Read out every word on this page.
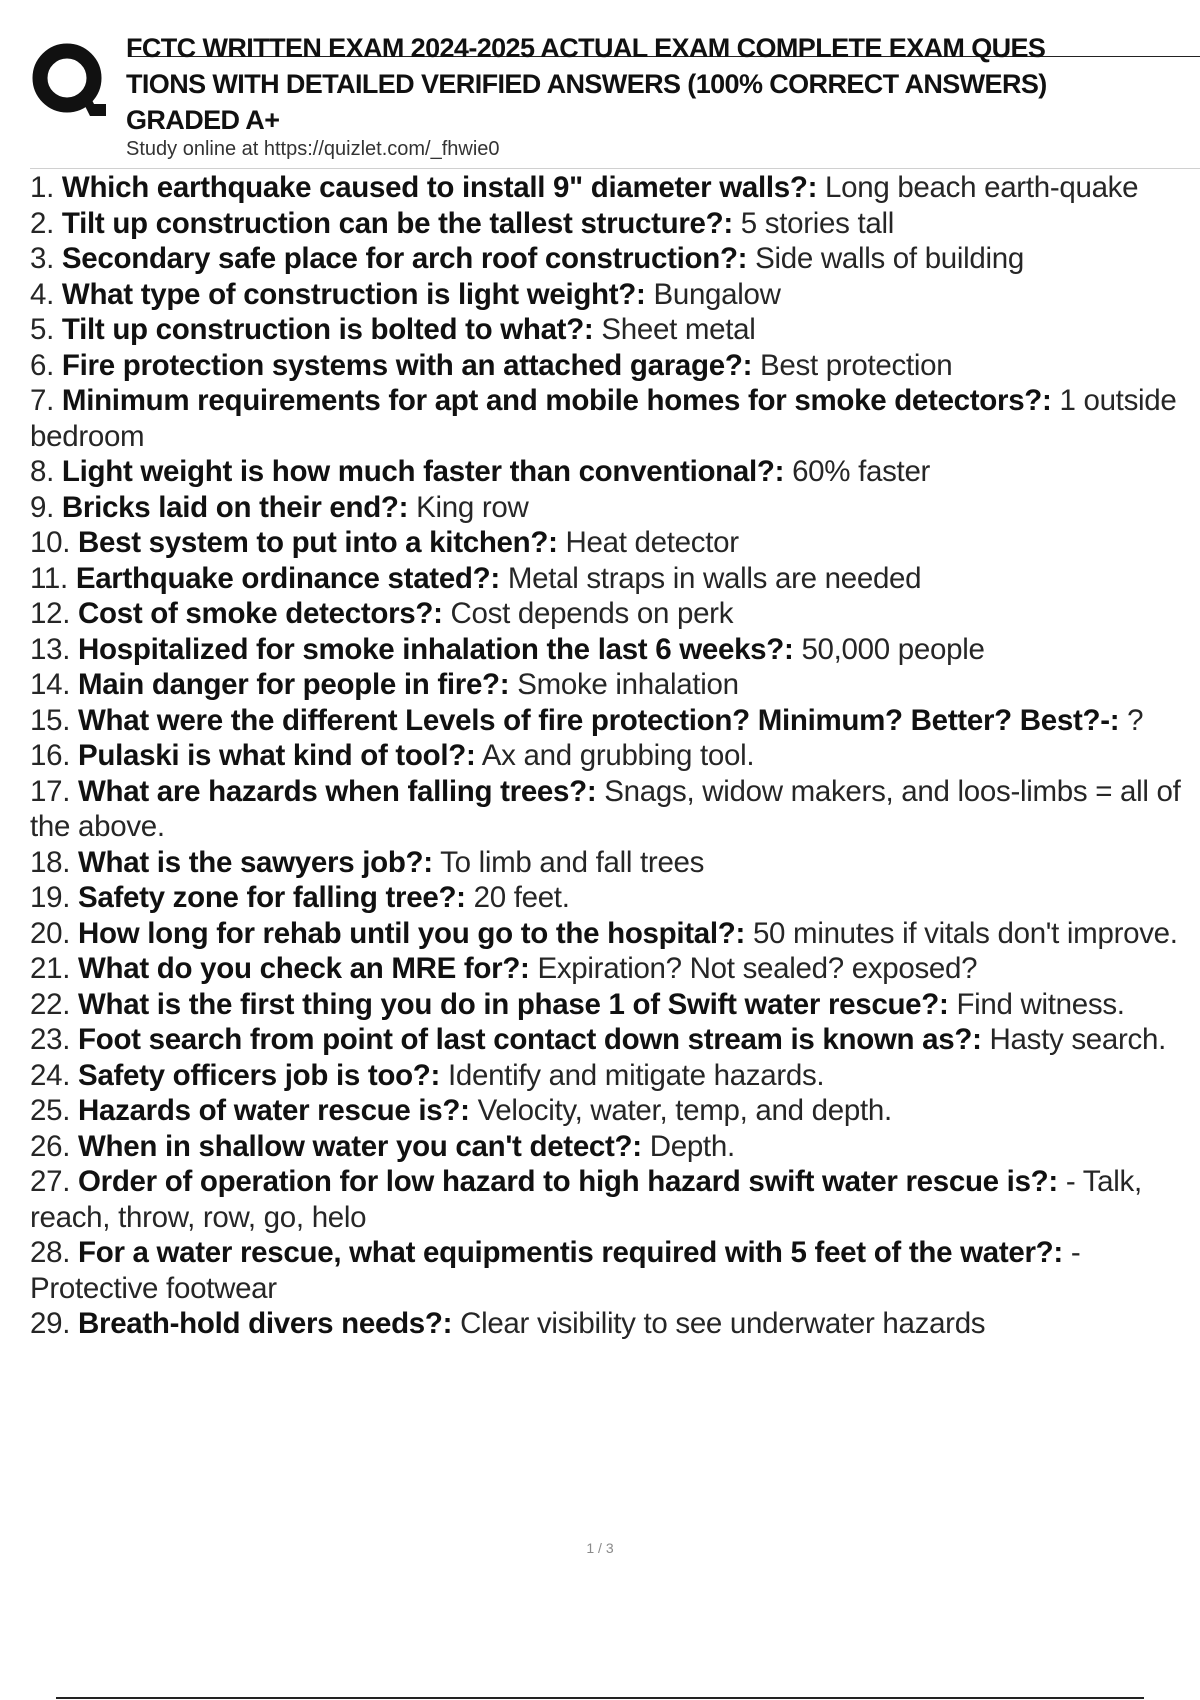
FCTC WRITTEN EXAM 2024-2025 ACTUAL EXAM COMPLETE EXAM QUES
TIONS WITH DETAILED VERIFIED ANSWERS (100% CORRECT ANSWERS)
GRADED A+
Study online at https://quizlet.com/_fhwie0
1. Which earthquake caused to install 9" diameter walls?: Long beach earth-quake
2. Tilt up construction can be the tallest structure?: 5 stories tall
3. Secondary safe place for arch roof construction?: Side walls of building
4. What type of construction is light weight?: Bungalow
5. Tilt up construction is bolted to what?: Sheet metal
6. Fire protection systems with an attached garage?: Best protection
7. Minimum requirements for apt and mobile homes for smoke detectors?: 1 outside bedroom
8. Light weight is how much faster than conventional?: 60% faster
9. Bricks laid on their end?: King row
10. Best system to put into a kitchen?: Heat detector
11. Earthquake ordinance stated?: Metal straps in walls are needed
12. Cost of smoke detectors?: Cost depends on perk
13. Hospitalized for smoke inhalation the last 6 weeks?: 50,000 people
14. Main danger for people in fire?: Smoke inhalation
15. What were the different Levels of fire protection? Minimum? Better? Best?-: ?
16. Pulaski is what kind of tool?: Ax and grubbing tool.
17. What are hazards when falling trees?: Snags, widow makers, and loos-limbs = all of the above.
18. What is the sawyers job?: To limb and fall trees
19. Safety zone for falling tree?: 20 feet.
20. How long for rehab until you go to the hospital?: 50 minutes if vitals don't improve.
21. What do you check an MRE for?: Expiration? Not sealed? exposed?
22. What is the first thing you do in phase 1 of Swift water rescue?: Find witness.
23. Foot search from point of last contact down stream is known as?: Hasty search.
24. Safety officers job is too?: Identify and mitigate hazards.
25. Hazards of water rescue is?: Velocity, water, temp, and depth.
26. When in shallow water you can't detect?: Depth.
27. Order of operation for low hazard to high hazard swift water rescue is?: - Talk, reach, throw, row, go, helo
28. For a water rescue, what equipmentis required with 5 feet of the water?: - Protective footwear
29. Breath-hold divers needs?: Clear visibility to see underwater hazards
1 / 3
